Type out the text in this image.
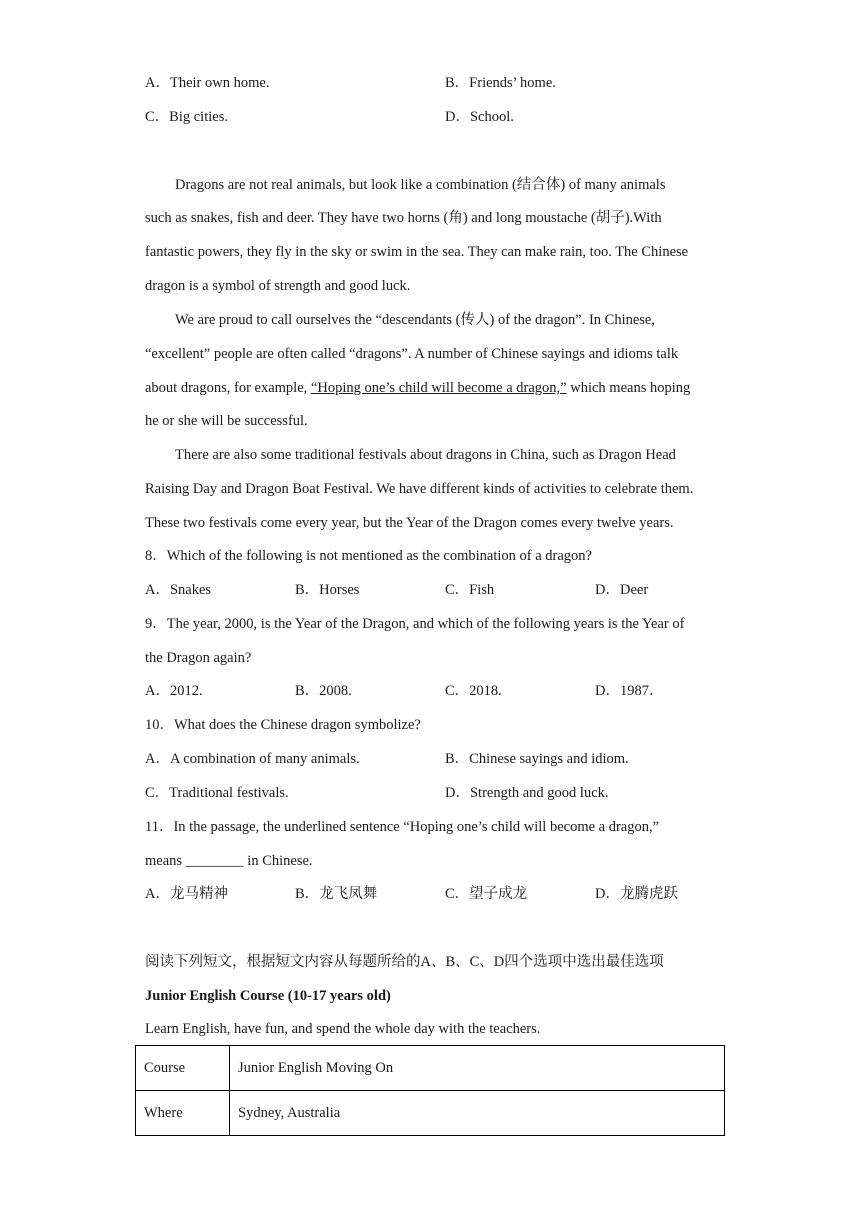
A．Their own home.	B．Friends’ home.
C．Big cities.	D．School.
Dragons are not real animals, but look like a combination (结合体) of many animals
such as snakes, fish and deer. They have two horns (角) and long moustache (胡子).With
fantastic powers, they fly in the sky or swim in the sea. They can make rain, too. The Chinese
dragon is a symbol of strength and good luck.
We are proud to call ourselves the “descendants (传人) of the dragon”. In Chinese,
“excellent” people are often called “dragons”. A number of Chinese sayings and idioms talk
about dragons, for example, “Hoping one’s child will become a dragon,” which means hoping
he or she will be successful.
There are also some traditional festivals about dragons in China, such as Dragon Head
Raising Day and Dragon Boat Festival. We have different kinds of activities to celebrate them.
These two festivals come every year, but the Year of the Dragon comes every twelve years.
8．Which of the following is not mentioned as the combination of a dragon?
A．Snakes	B．Horses	C．Fish	D．Deer
9．The year, 2000, is the Year of the Dragon, and which of the following years is the Year of
the Dragon again?
A．2012.	B．2008.	C．2018.	D．1987．
10．What does the Chinese dragon symbolize?
A．A combination of many animals.	B．Chinese sayings and idiom.
C．Traditional festivals.	D．Strength and good luck.
11．In the passage, the underlined sentence “Hoping one’s child will become a dragon,”
means ________ in Chinese.
A．龙马精神	B．龙飞凤舞	C．望子成龙	D．龙腾虎跃
阅读下列短文，根据短文内容从每题所给的A、B、C、D四个选项中选出最佳选项
Junior English Course (10-17 years old)
Learn English, have fun, and spend the whole day with the teachers.
Course	Junior English Moving On
Where	Sydney, Australia
